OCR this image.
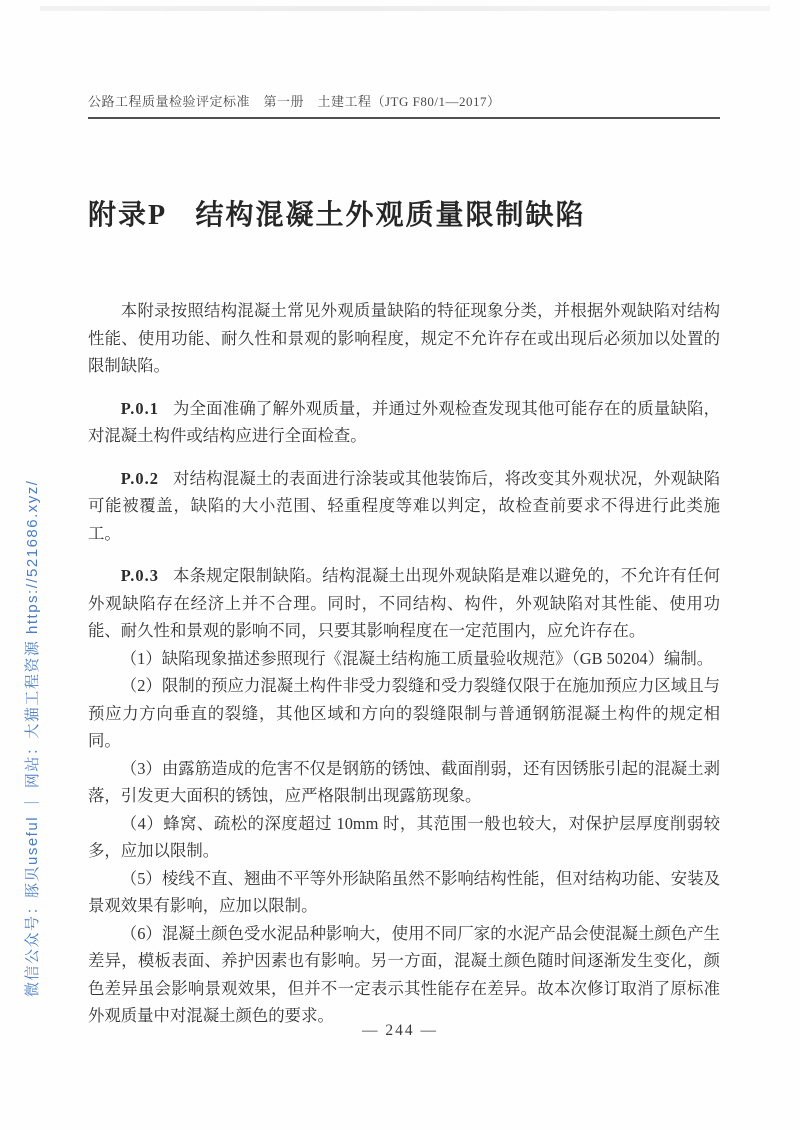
微信公众号：豚贝useful ｜ 网站：大猫工程资源 https://521686.xyz/
公路工程质量检验评定标准　第一册　土建工程（JTG F80/1—2017）
附录P　结构混凝土外观质量限制缺陷

本附录按照结构混凝土常见外观质量缺陷的特征现象分类，并根据外观缺陷对结构性能、使用功能、耐久性和景观的影响程度，规定不允许存在或出现后必须加以处置的限制缺陷。

P.0.1 为全面准确了解外观质量，并通过外观检查发现其他可能存在的质量缺陷，对混凝土构件或结构应进行全面检查。

P.0.2 对结构混凝土的表面进行涂装或其他装饰后，将改变其外观状况，外观缺陷可能被覆盖，缺陷的大小范围、轻重程度等难以判定，故检查前要求不得进行此类施工。

P.0.3 本条规定限制缺陷。结构混凝土出现外观缺陷是难以避免的，不允许有任何外观缺陷存在经济上并不合理。同时，不同结构、构件，外观缺陷对其性能、使用功能、耐久性和景观的影响不同，只要其影响程度在一定范围内，应允许存在。

（1）缺陷现象描述参照现行《混凝土结构施工质量验收规范》（GB 50204）编制。

（2）限制的预应力混凝土构件非受力裂缝和受力裂缝仅限于在施加预应力区域且与预应力方向垂直的裂缝，其他区域和方向的裂缝限制与普通钢筋混凝土构件的规定相同。

（3）由露筋造成的危害不仅是钢筋的锈蚀、截面削弱，还有因锈胀引起的混凝土剥落，引发更大面积的锈蚀，应严格限制出现露筋现象。

（4）蜂窝、疏松的深度超过 10mm 时，其范围一般也较大，对保护层厚度削弱较多，应加以限制。

（5）棱线不直、翘曲不平等外形缺陷虽然不影响结构性能，但对结构功能、安装及景观效果有影响，应加以限制。

（6）混凝土颜色受水泥品种影响大，使用不同厂家的水泥产品会使混凝土颜色产生差异，模板表面、养护因素也有影响。另一方面，混凝土颜色随时间逐渐发生变化，颜色差异虽会影响景观效果，但并不一定表示其性能存在差异。故本次修订取消了原标准外观质量中对混凝土颜色的要求。

— 244 —
